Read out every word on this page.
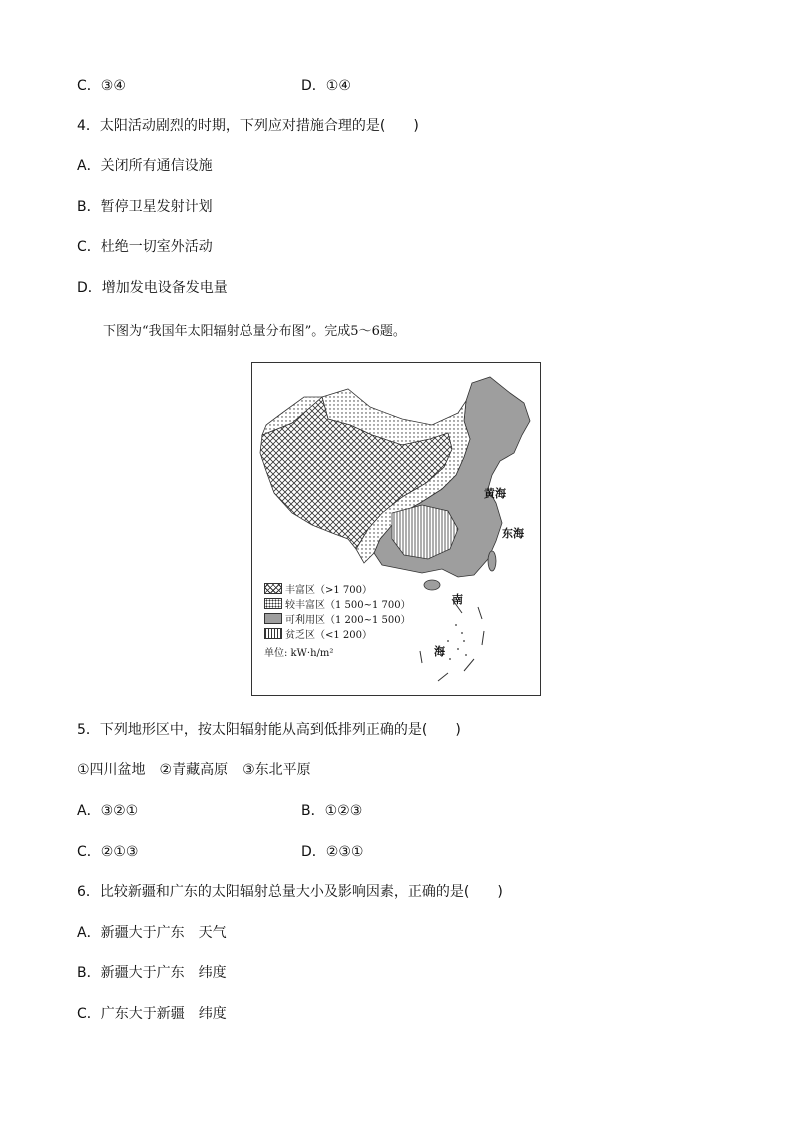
C．③④	D．①④
4．太阳活动剧烈的时期，下列应对措施合理的是(　　)
A．关闭所有通信设施
B．暂停卫星发射计划
C．杜绝一切室外活动
D．增加发电设备发电量
下图为“我国年太阳辐射总量分布图”。完成5～6题。
黄海
东海
南
海
丰富区（>1 700）
较丰富区（1 500~1 700）
可利用区（1 200~1 500）
贫乏区（<1 200）
单位: kW·h/m²
5．下列地形区中，按太阳辐射能从高到低排列正确的是(　　)
①四川盆地　②青藏高原　③东北平原
A．③②①	B．①②③
C．②①③	D．②③①
6．比较新疆和广东的太阳辐射总量大小及影响因素，正确的是(　　)
A．新疆大于广东　天气
B．新疆大于广东　纬度
C．广东大于新疆　纬度
